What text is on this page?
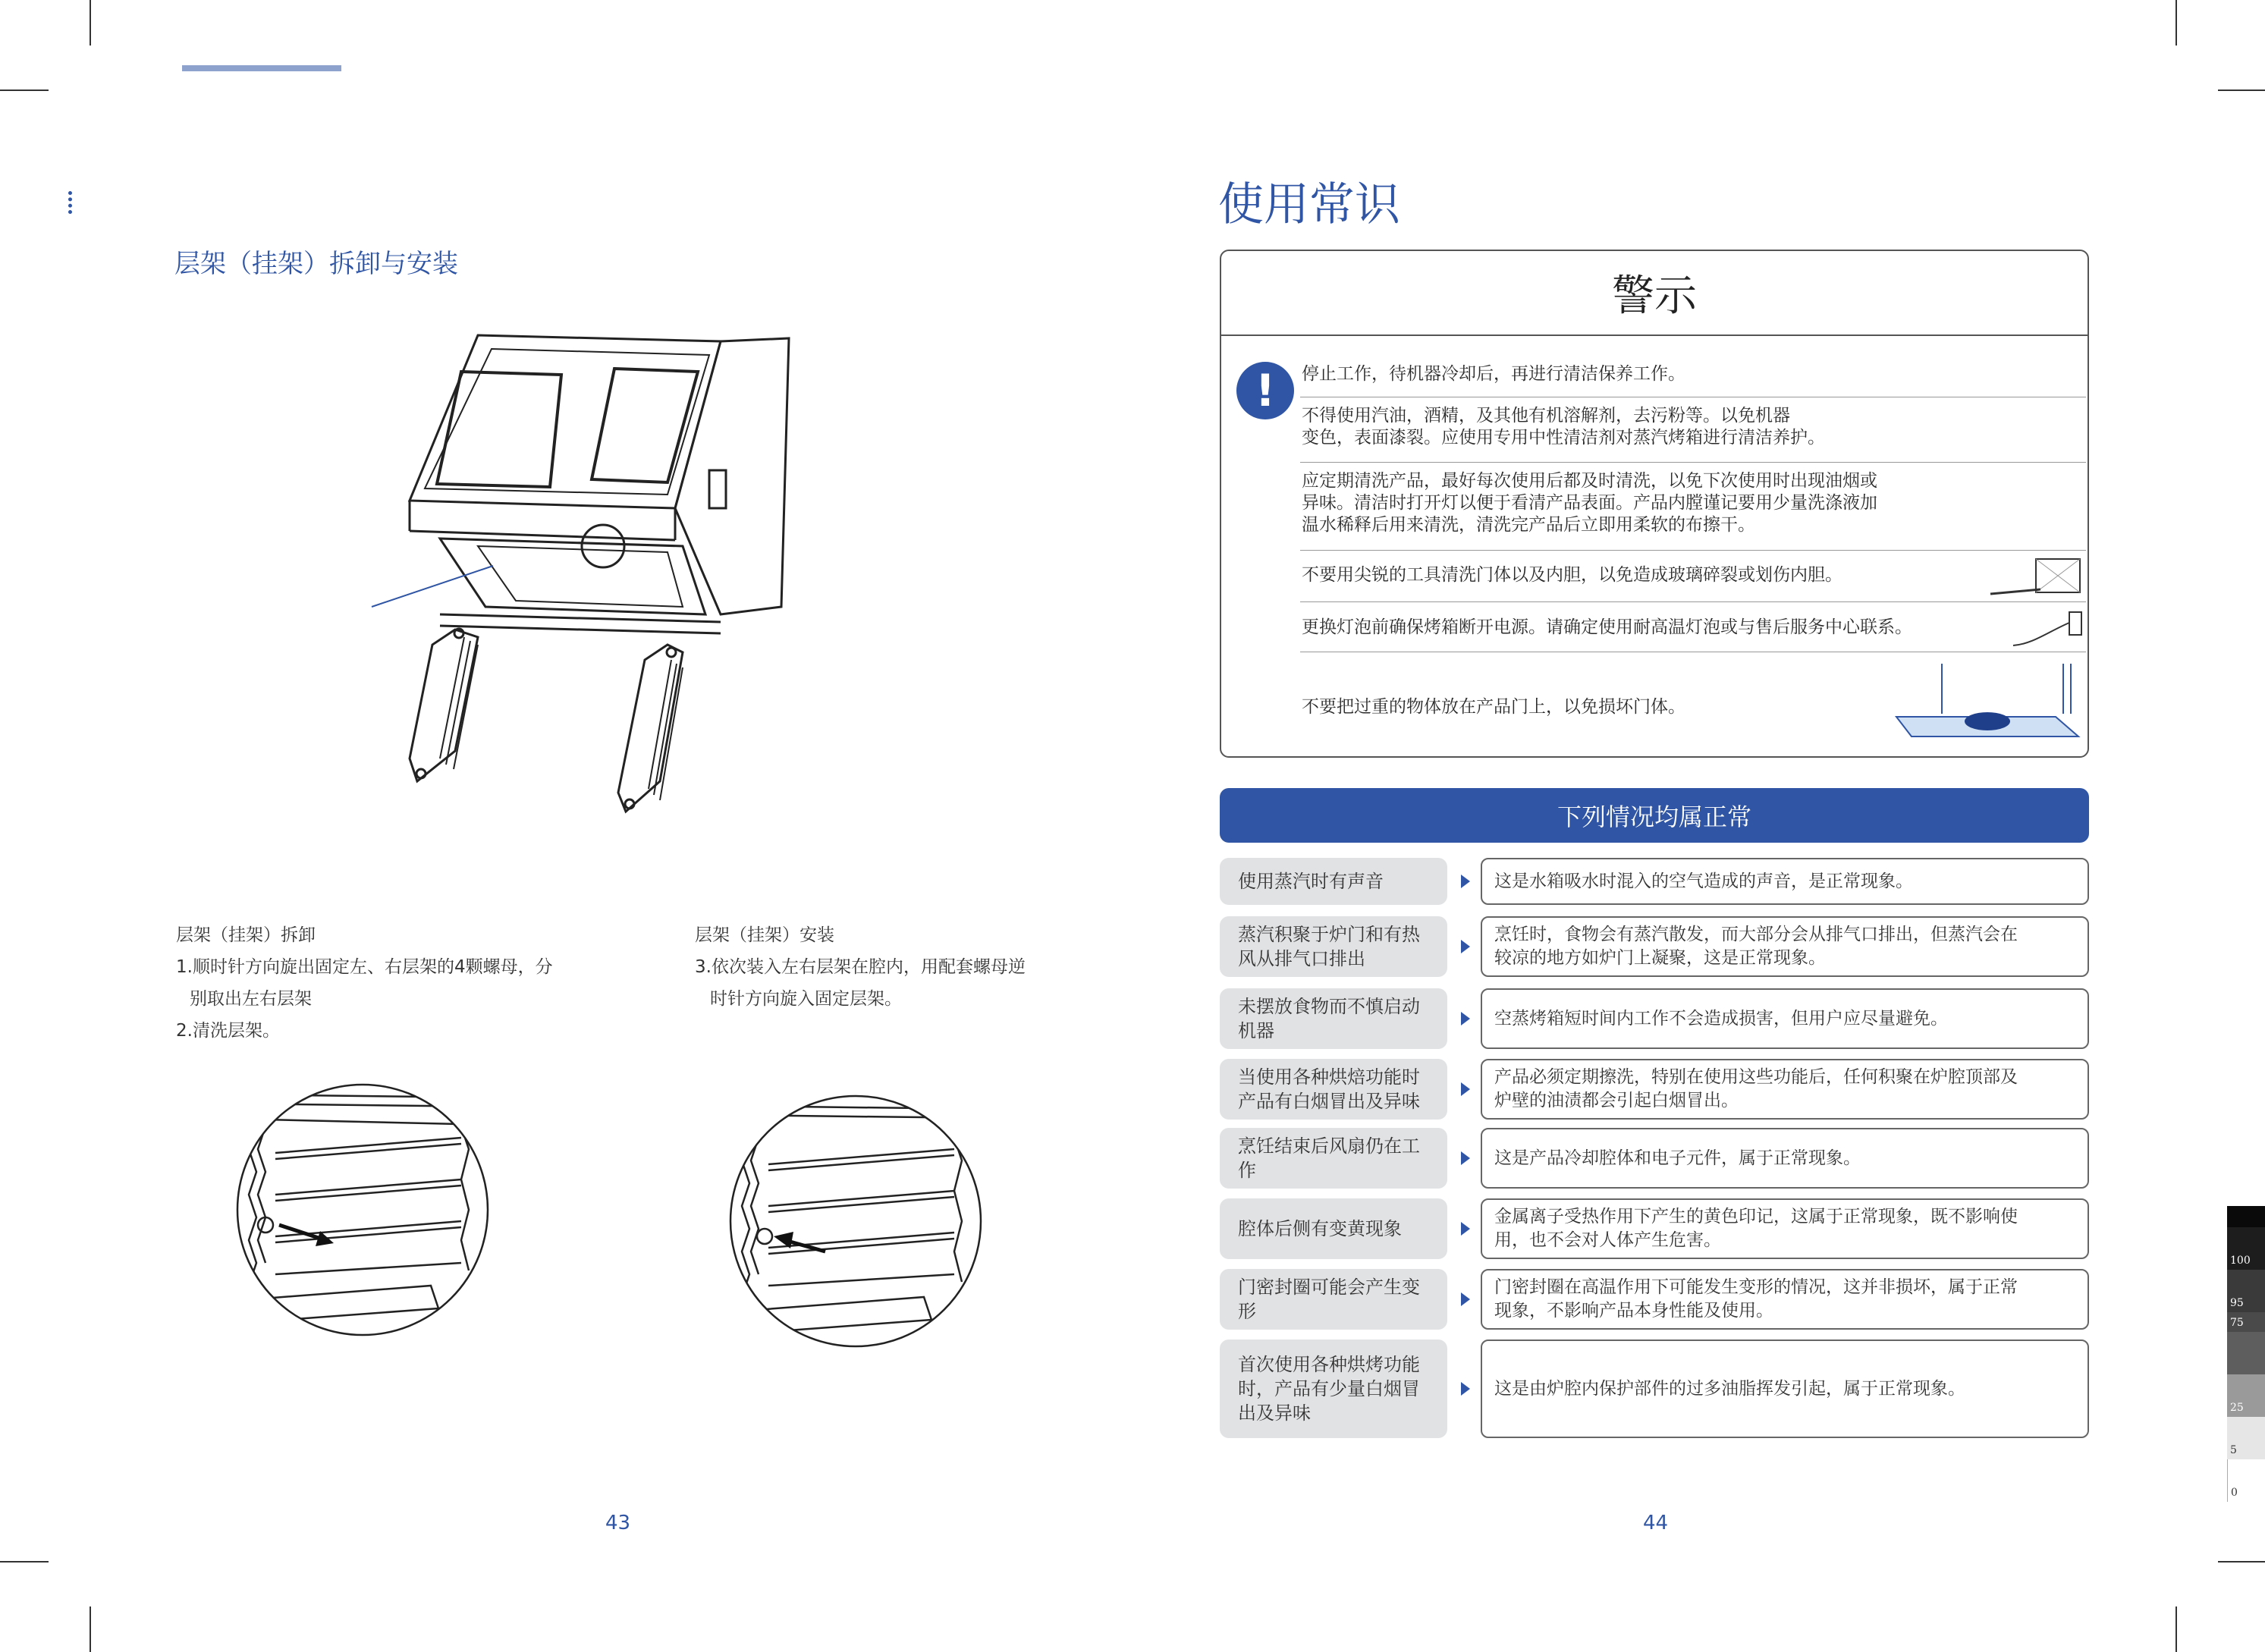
层架（挂架）拆卸与安装
层架（挂架）拆卸
1.顺时针方向旋出固定左、右层架的4颗螺母，分
别取出左右层架
2.清洗层架。
层架（挂架）安装
3.依次装入左右层架在腔内，用配套螺母逆
时针方向旋入固定层架。
43
使用常识
警示
!	停止工作，待机器冷却后，再进行清洁保养工作。
不得使用汽油，酒精，及其他有机溶解剂，去污粉等。以免机器
变色，表面漆裂。应使用专用中性清洁剂对蒸汽烤箱进行清洁养护。
应定期清洗产品，最好每次使用后都及时清洗，以免下次使用时出现油烟或
异味。清洁时打开灯以便于看清产品表面。产品内膛谨记要用少量洗涤液加
温水稀释后用来清洗，清洗完产品后立即用柔软的布擦干。
不要用尖锐的工具清洗门体以及内胆，以免造成玻璃碎裂或划伤内胆。
更换灯泡前确保烤箱断开电源。请确定使用耐高温灯泡或与售后服务中心联系。
不要把过重的物体放在产品门上，以免损坏门体。
下列情况均属正常
使用蒸汽时有声音	这是水箱吸水时混入的空气造成的声音，是正常现象。
蒸汽积聚于炉门和有热
风从排气口排出
烹饪时，食物会有蒸汽散发，而大部分会从排气口排出，但蒸汽会在
较凉的地方如炉门上凝聚，这是正常现象。
未摆放食物而不慎启动
机器
空蒸烤箱短时间内工作不会造成损害，但用户应尽量避免。
当使用各种烘焙功能时
产品有白烟冒出及异味
产品必须定期擦洗，特别在使用这些功能后，任何积聚在炉腔顶部及
炉壁的油渍都会引起白烟冒出。
烹饪结束后风扇仍在工
作
这是产品冷却腔体和电子元件，属于正常现象。
腔体后侧有变黄现象
金属离子受热作用下产生的黄色印记，这属于正常现象，既不影响使
用，也不会对人体产生危害。
门密封圈可能会产生变
形
门密封圈在高温作用下可能发生变形的情况，这并非损坏，属于正常
现象，不影响产品本身性能及使用。
首次使用各种烘烤功能
时，产品有少量白烟冒
出及异味
这是由炉腔内保护部件的过多油脂挥发引起，属于正常现象。
44
100
95
75
25
5
0
